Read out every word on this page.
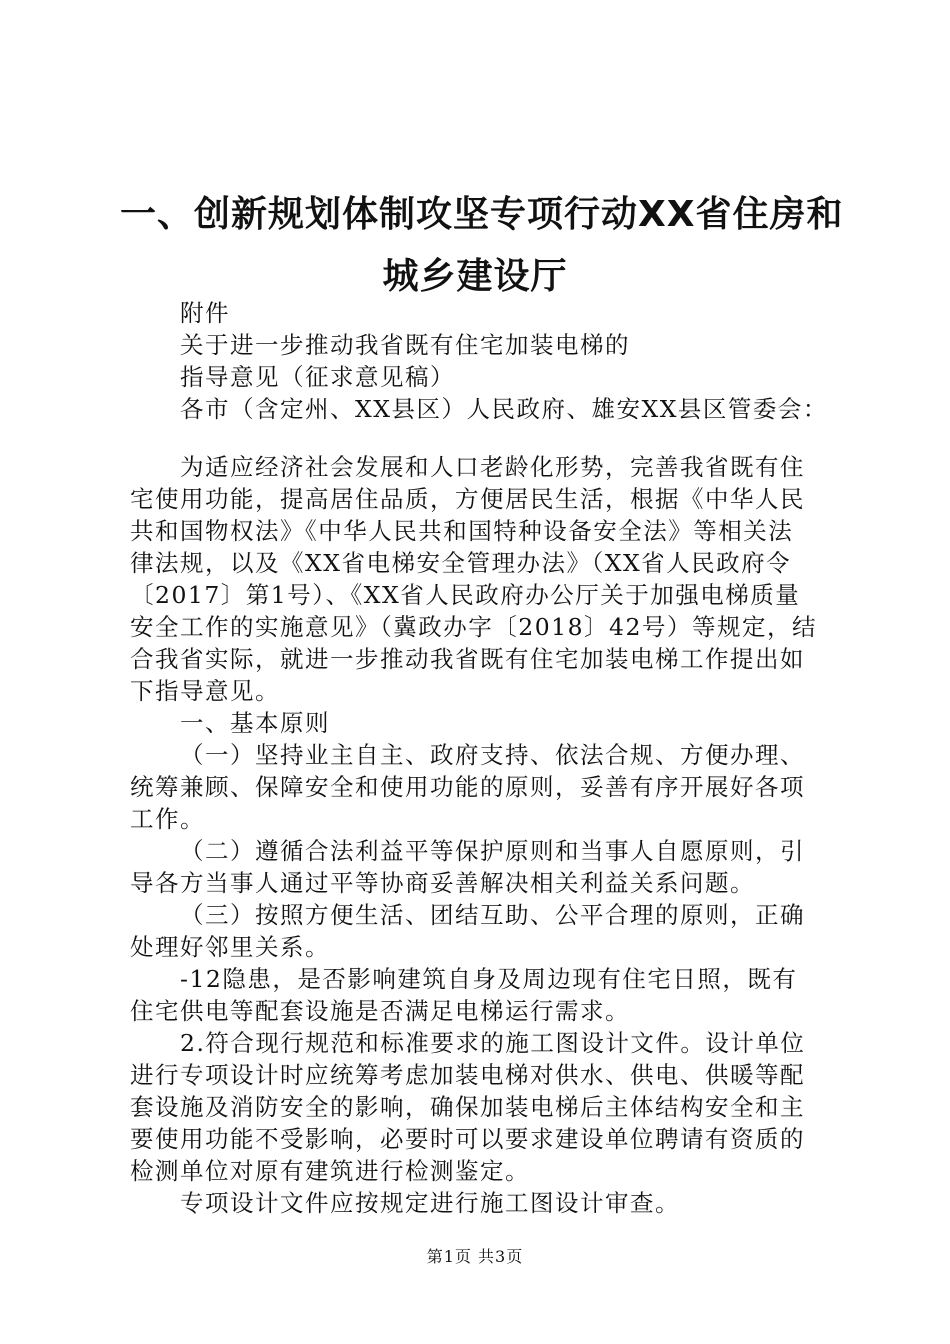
一、创新规划体制攻坚专项行动XX省住房和
城乡建设厅

附件

关于进一步推动我省既有住宅加装电梯的

指导意见（征求意见稿）

各市（含定州、XX县区）人民政府、雄安XX县区管委会：

为适应经济社会发展和人口老龄化形势，完善我省既有住

宅使用功能，提高居住品质，方便居民生活，根据《中华人民

共和国物权法》《中华人民共和国特种设备安全法》等相关法

律法规，以及《XX省电梯安全管理办法》（XX省人民政府令

〔2017〕第1号）、《XX省人民政府办公厅关于加强电梯质量

安全工作的实施意见》（冀政办字〔2018〕42号）等规定，结

合我省实际，就进一步推动我省既有住宅加装电梯工作提出如

下指导意见。

一、基本原则

（一）坚持业主自主、政府支持、依法合规、方便办理、

统筹兼顾、保障安全和使用功能的原则，妥善有序开展好各项

工作。

（二）遵循合法利益平等保护原则和当事人自愿原则，引

导各方当事人通过平等协商妥善解决相关利益关系问题。

（三）按照方便生活、团结互助、公平合理的原则，正确

处理好邻里关系。

-12隐患，是否影响建筑自身及周边现有住宅日照，既有

住宅供电等配套设施是否满足电梯运行需求。

2.符合现行规范和标准要求的施工图设计文件。设计单位

进行专项设计时应统筹考虑加装电梯对供水、供电、供暖等配

套设施及消防安全的影响，确保加装电梯后主体结构安全和主

要使用功能不受影响，必要时可以要求建设单位聘请有资质的

检测单位对原有建筑进行检测鉴定。

专项设计文件应按规定进行施工图设计审查。

第1页 共3页
